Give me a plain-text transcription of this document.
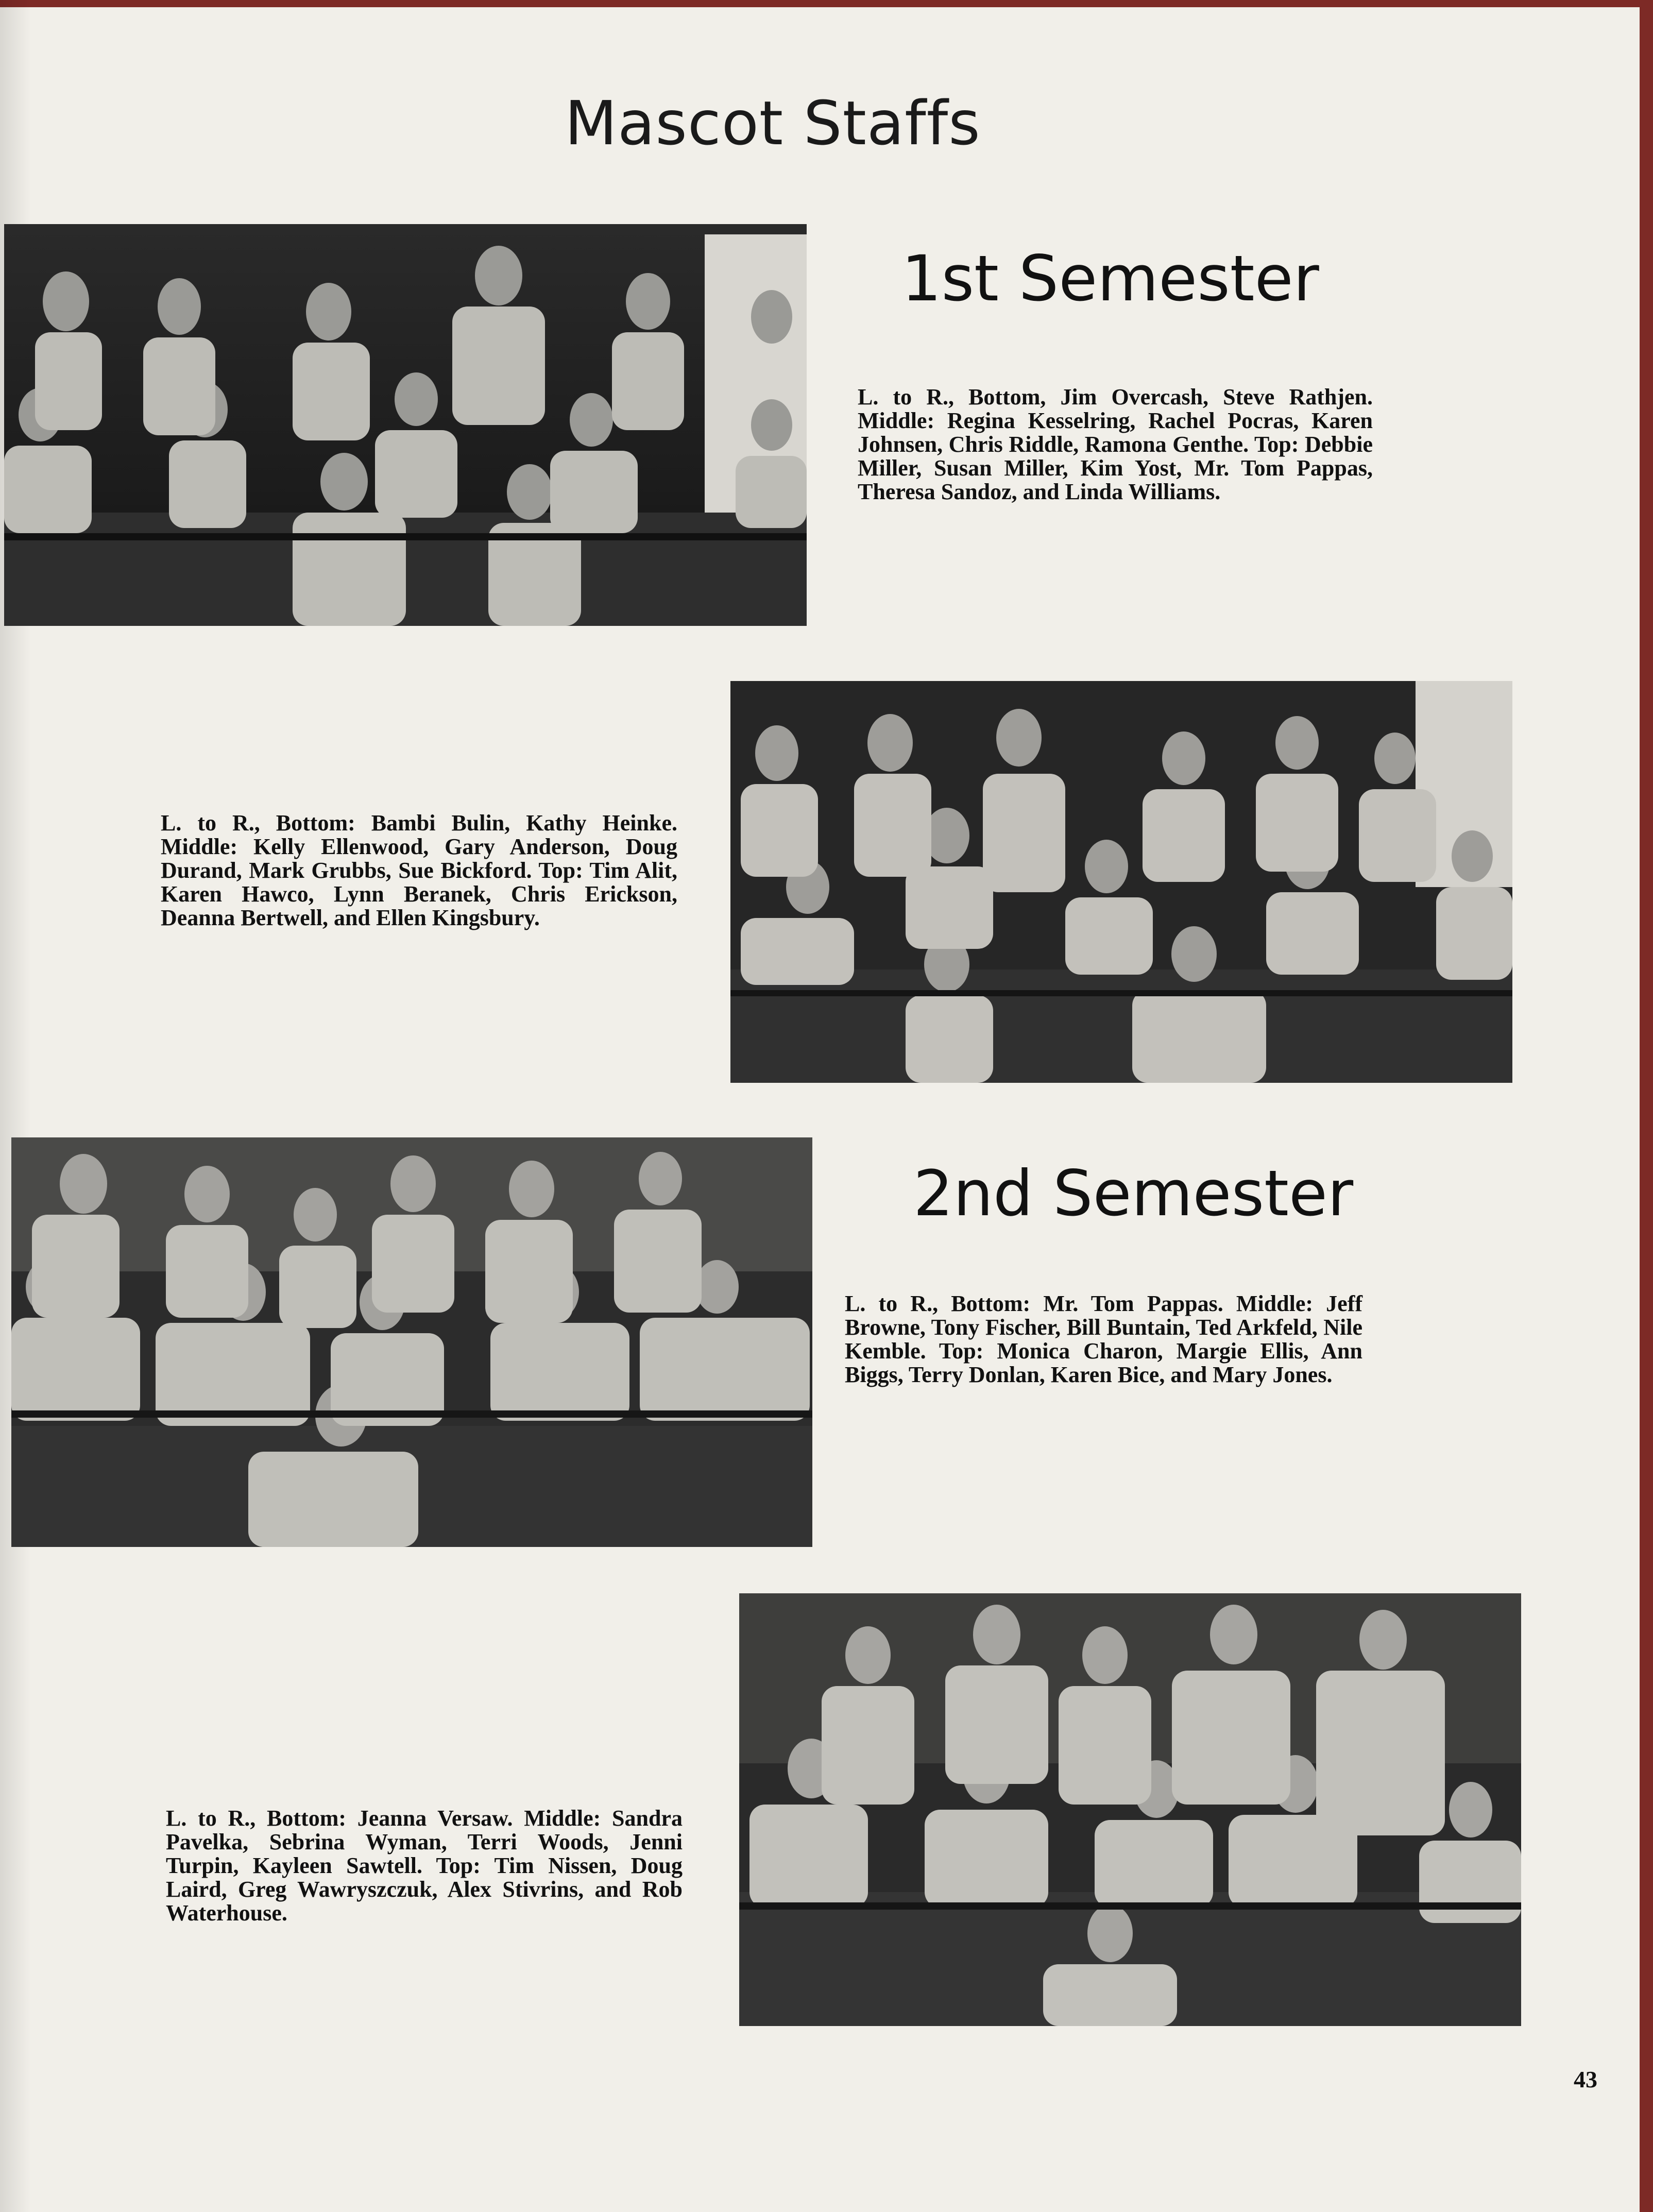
Mascot Staffs
1st Semester
L. to R., Bottom, Jim Overcash, Steve Rathjen. Middle: Regina Kesselring, Rachel Pocras, Karen Johnsen, Chris Riddle, Ramona Genthe. Top: Debbie Miller, Susan Miller, Kim Yost, Mr. Tom Pappas, Theresa Sandoz, and Linda Williams.
L. to R., Bottom: Bambi Bulin, Kathy Heinke. Middle: Kelly Ellenwood, Gary Anderson, Doug Durand, Mark Grubbs, Sue Bickford. Top: Tim Alit, Karen Hawco, Lynn Beranek, Chris Erickson, Deanna Bertwell, and Ellen Kingsbury.
2nd Semester
L. to R., Bottom: Mr. Tom Pappas. Middle: Jeff Browne, Tony Fischer, Bill Buntain, Ted Arkfeld, Nile Kemble. Top: Monica Charon, Margie Ellis, Ann Biggs, Terry Donlan, Karen Bice, and Mary Jones.
L. to R., Bottom: Jeanna Versaw. Middle: Sandra Pavelka, Sebrina Wyman, Terri Woods, Jenni Turpin, Kayleen Sawtell. Top: Tim Nissen, Doug Laird, Greg Wawryszczuk, Alex Stivrins, and Rob Waterhouse.
43
